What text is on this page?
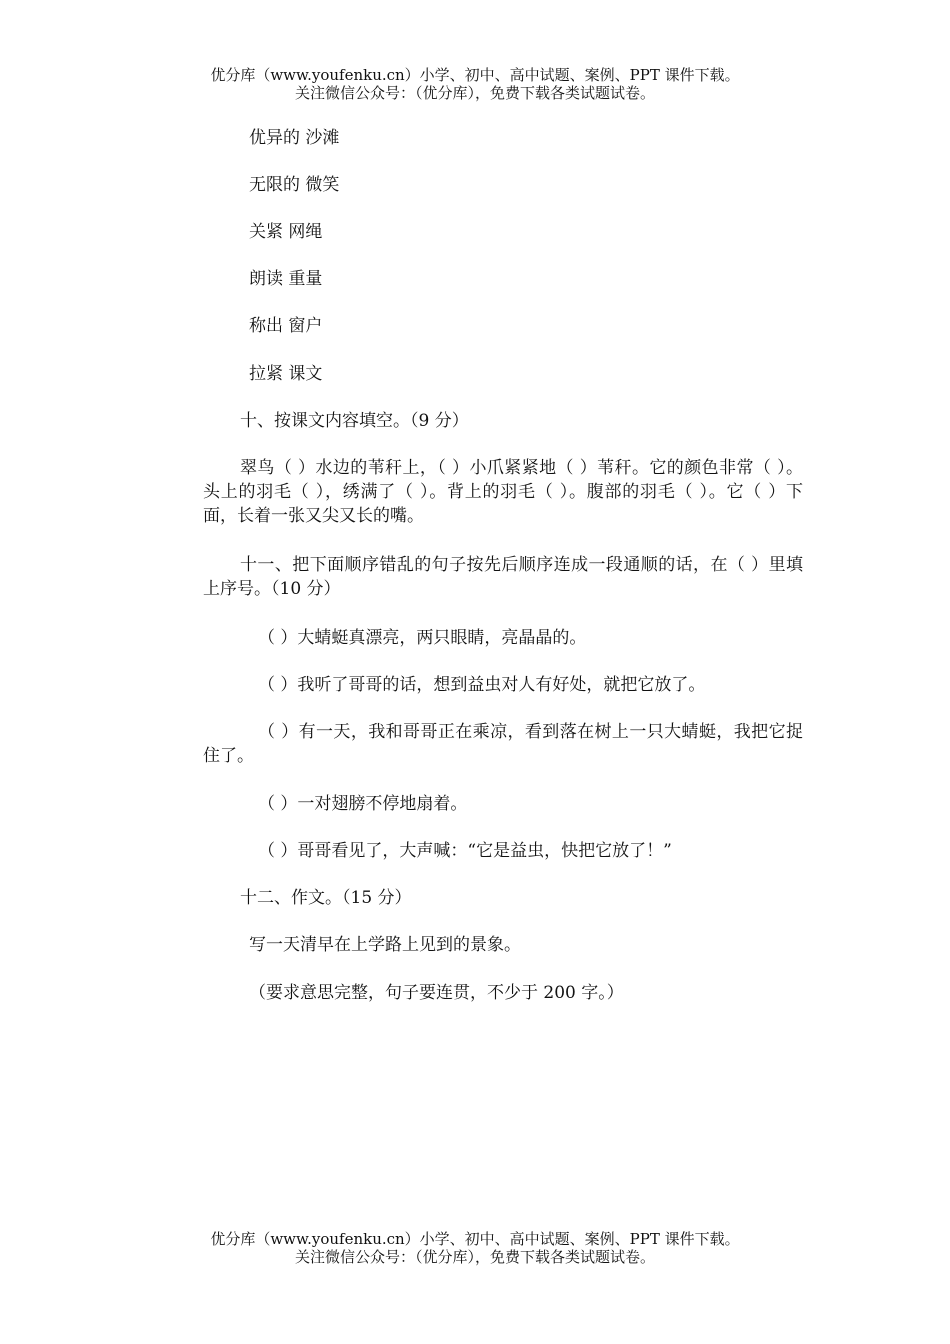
优分库（www.youfenku.cn）小学、初中、高中试题、案例、PPT 课件下载。
关注微信公众号：（优分库），免费下载各类试题试卷。
优异的 沙滩
无限的 微笑
关紧 网绳
朗读 重量
称出 窗户
拉紧 课文
十、按课文内容填空。（9 分）
翠鸟（ ）水边的苇秆上，（ ）小爪紧紧地（ ）苇秆。它的颜色非常（ ）。头上的羽毛（ ），绣满了（ ）。背上的羽毛（ ）。腹部的羽毛（ ）。它（ ）下面，长着一张又尖又长的嘴。
十一、把下面顺序错乱的句子按先后顺序连成一段通顺的话，在（ ）里填上序号。（10 分）
（ ）大蜻蜓真漂亮，两只眼睛，亮晶晶的。
（ ）我听了哥哥的话，想到益虫对人有好处，就把它放了。
（ ）有一天，我和哥哥正在乘凉，看到落在树上一只大蜻蜓，我把它捉住了。
（ ）一对翅膀不停地扇着。
（ ）哥哥看见了，大声喊：“它是益虫，快把它放了！”
十二、作文。（15 分）
写一天清早在上学路上见到的景象。
（要求意思完整，句子要连贯，不少于 200 字。）
优分库（www.youfenku.cn）小学、初中、高中试题、案例、PPT 课件下载。
关注微信公众号：（优分库），免费下载各类试题试卷。
